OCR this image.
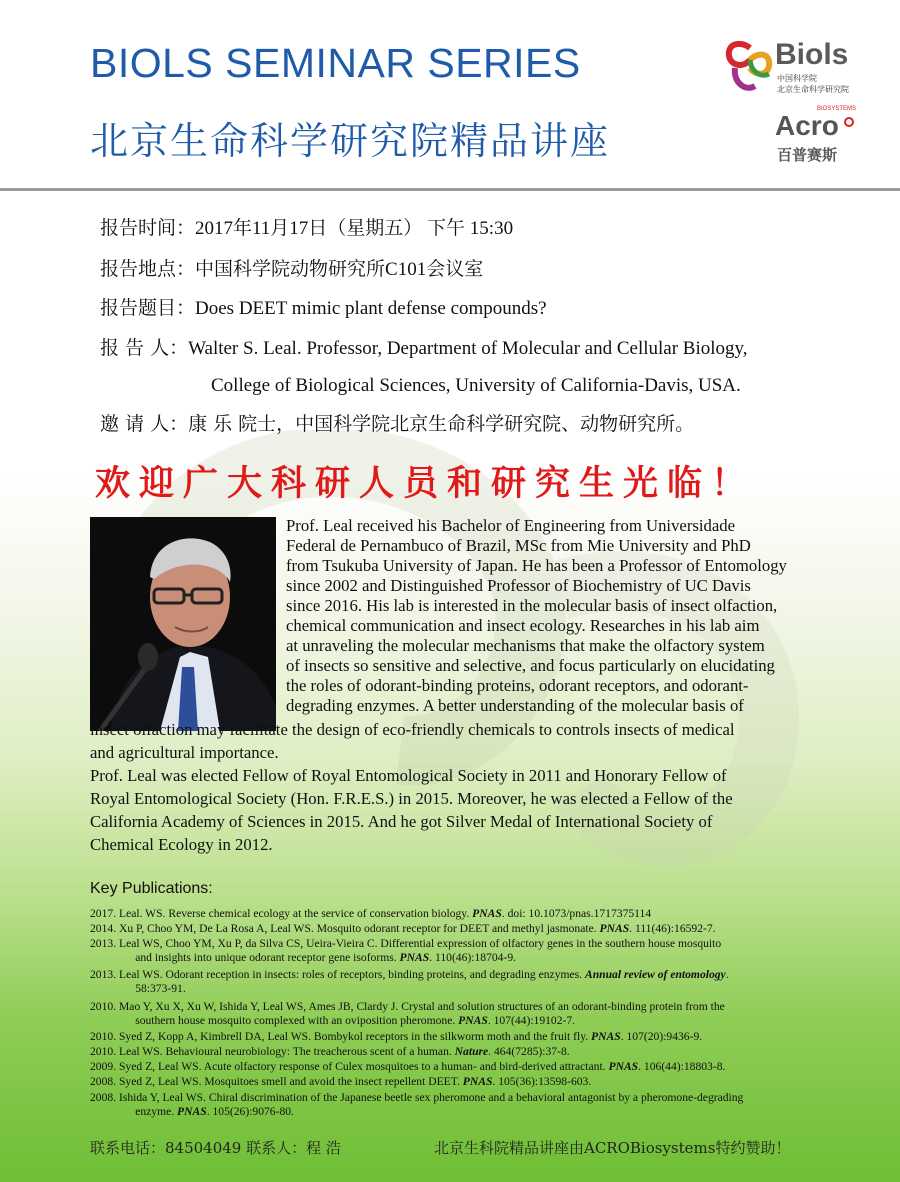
BIOLS SEMINAR SERIES
北京生命科学研究院精品讲座
Biols
中国科学院
北京生命科学研究院
BIOSYSTEMS
Acro
百普赛斯
报告时间：2017年11月17日（星期五） 下午 15:30
报告地点：中国科学院动物研究所C101会议室
报告题目：Does DEET mimic plant defense compounds?
报 告 人：Walter S. Leal. Professor, Department of Molecular and Cellular Biology,
College of Biological Sciences, University of California-Davis, USA.
邀 请 人：康 乐 院士，中国科学院北京生命科学研究院、动物研究所。
欢迎广大科研人员和研究生光临！
Prof. Leal received his Bachelor of Engineering from Universidade
Federal de Pernambuco of Brazil, MSc from Mie University and PhD
from Tsukuba University of Japan. He has been a Professor of Entomology
since 2002 and Distinguished Professor of Biochemistry of UC Davis
since 2016. His lab is interested in the molecular basis of insect olfaction,
chemical communication and insect ecology. Researches in his lab aim
at unraveling the molecular mechanisms that make the olfactory system
of insects so sensitive and selective, and focus particularly on elucidating
the roles of odorant-binding proteins, odorant receptors, and odorant-
degrading enzymes. A better understanding of the molecular basis of
insect olfaction may facilitate the design of eco-friendly chemicals to controls insects of medical
and agricultural importance.
Prof. Leal was elected Fellow of Royal Entomological Society in 2011 and Honorary Fellow of
Royal Entomological Society (Hon. F.R.E.S.) in 2015. Moreover, he was elected a Fellow of the
California Academy of Sciences in 2015. And he got Silver Medal of International Society of
Chemical Ecology in 2012.
Key Publications:
2017. Leal. WS. Reverse chemical ecology at the service of conservation biology. PNAS. doi: 10.1073/pnas.1717375114
2014. Xu P, Choo YM, De La Rosa A, Leal WS. Mosquito odorant receptor for DEET and methyl jasmonate. PNAS. 111(46):16592-7.
2013. Leal WS, Choo YM, Xu P, da Silva CS, Ueira-Vieira C. Differential expression of olfactory genes in the southern house mosquito
and insights into unique odorant receptor gene isoforms. PNAS. 110(46):18704-9.
2013. Leal WS. Odorant reception in insects: roles of receptors, binding proteins, and degrading enzymes. Annual review of entomology.
58:373-91.
2010. Mao Y, Xu X, Xu W, Ishida Y, Leal WS, Ames JB, Clardy J. Crystal and solution structures of an odorant-binding protein from the
southern house mosquito complexed with an oviposition pheromone. PNAS. 107(44):19102-7.
2010. Syed Z, Kopp A, Kimbrell DA, Leal WS. Bombykol receptors in the silkworm moth and the fruit fly. PNAS. 107(20):9436-9.
2010. Leal WS. Behavioural neurobiology: The treacherous scent of a human. Nature. 464(7285):37-8.
2009. Syed Z, Leal WS. Acute olfactory response of Culex mosquitoes to a human- and bird-derived attractant. PNAS. 106(44):18803-8.
2008. Syed Z, Leal WS. Mosquitoes smell and avoid the insect repellent DEET. PNAS. 105(36):13598-603.
2008. Ishida Y, Leal WS. Chiral discrimination of the Japanese beetle sex pheromone and a behavioral antagonist by a pheromone-degrading
enzyme. PNAS. 105(26):9076-80.
联系电话：84504049 联系人：程 浩	北京生科院精品讲座由ACROBiosystems特约赞助！
